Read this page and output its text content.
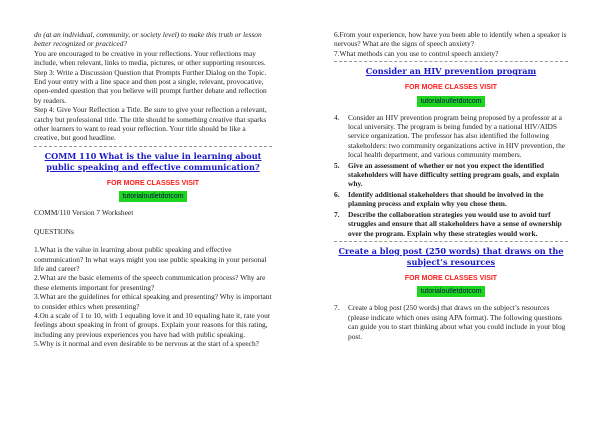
do (at an individual, community, or society level) to make this truth or lesson better recognized or practiced?

You are encouraged to be creative in your reflections. Your reflections may include, when relevant, links to media, pictures, or other supporting resources.

Step 3: Write a Discussion Question that Prompts Further Dialog on the Topic. End your entry with a line space and then post a single, relevant, provocative, open-ended question that you believe will prompt further debate and reflection by readers.

Step 4: Give Your Reflection a Title. Be sure to give your reflection a relevant, catchy but professional title. The title should be something creative that sparks other learners to want to read your reflection. Your title should be like a creative, but good headline.

COMM 110 What is the value in learning about public speaking and effective communication?

FOR MORE CLASSES VISIT

tutorialoutletdotcom

COMM/110 Version 7 Worksheet

QUESTIONs

1.What is the value in learning about public speaking and effective communication? In what ways might you use public speaking in your personal life and career?

2.What are the basic elements of the speech communication process? Why are these elements important for presenting?

3.What are the guidelines for ethical speaking and presenting? Why is important to consider ethics when presenting?

4.On a scale of 1 to 10, with 1 equaling love it and 10 equaling hate it, rate your feelings about speaking in front of groups. Explain your reasons for this rating, including any previous experiences you have had with public speaking.

5.Why is it normal and even desirable to be nervous at the start of a speech?

6.From your experience, how have you been able to identify when a speaker is nervous? What are the signs of speech anxiety?

7.What methods can you use to control speech anxiety?

Consider an HIV prevention program

FOR MORE CLASSES VISIT

tutorialoutletdotcom
4. Consider an HIV prevention program being proposed by a professor at a local university. The program is being funded by a national HIV/AIDS service organization. The professor has also identified the following stakeholders: two community organizations active in HIV prevention, the local health department, and various community members.
5. Give an assessment of whether or not you expect the identified stakeholders will have difficulty setting program goals, and explain why.
6. Identify additional stakeholders that should be involved in the planning process and explain why you chose them.
7. Describe the collaboration strategies you would use to avoid turf struggles and ensure that all stakeholders have a sense of ownership over the program. Explain why these strategies would work.

Create a blog post (250 words) that draws on the subject’s resources

FOR MORE CLASSES VISIT

tutorialoutletdotcom
7. Create a blog post (250 words) that draws on the subject’s resources (please indicate which ones using APA format). The following questions can guide you to start thinking about what you could include in your blog post.
